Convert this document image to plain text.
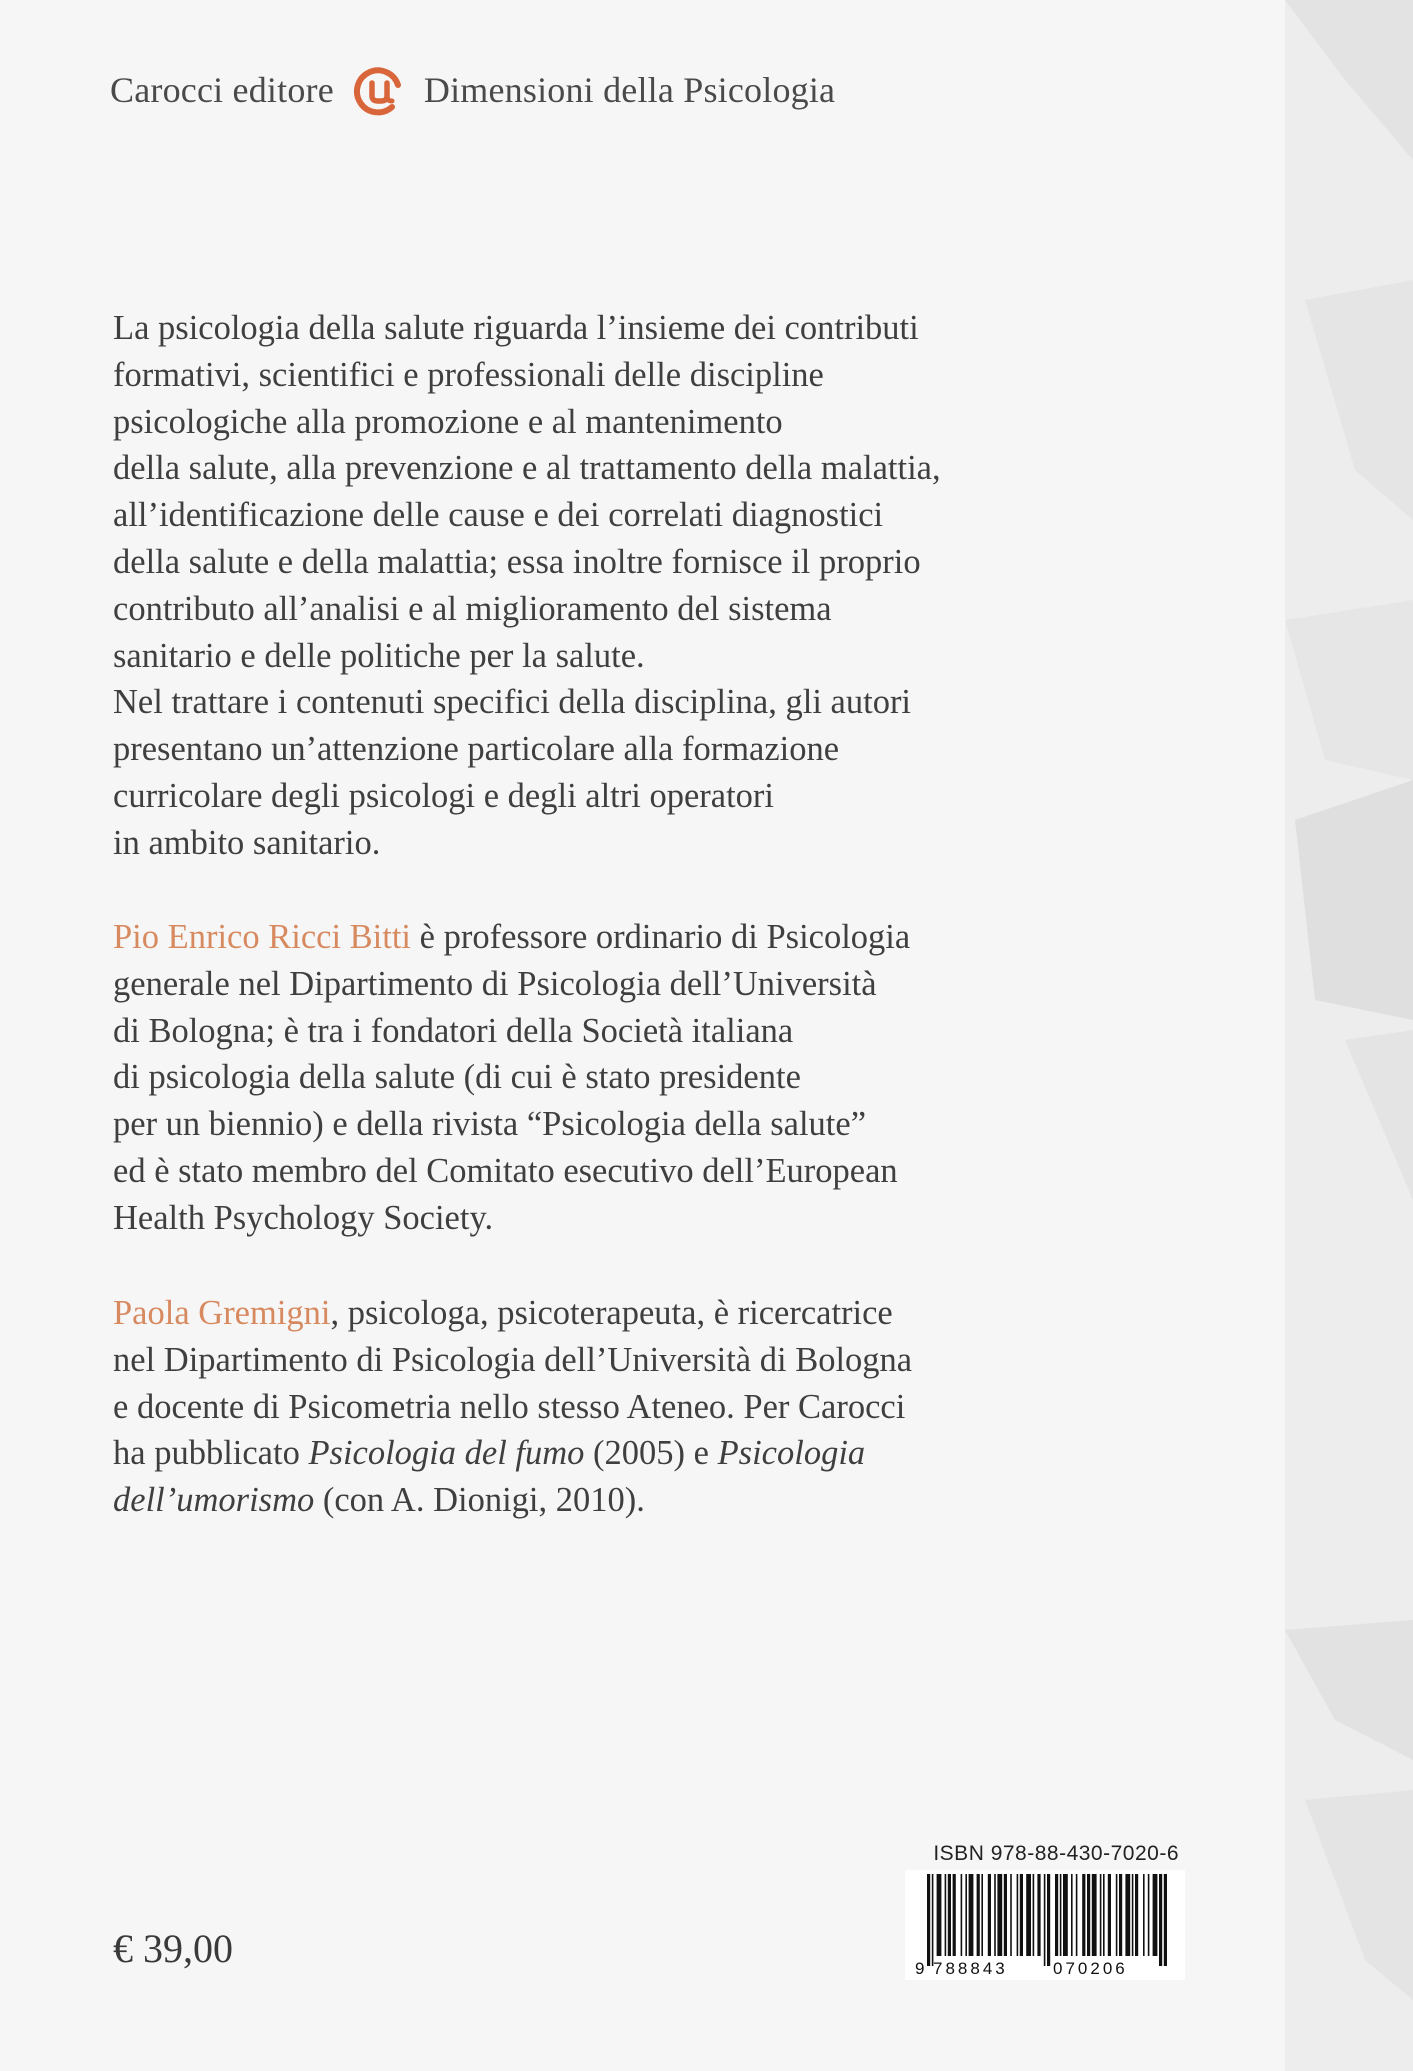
Carocci editore	Dimensioni della Psicologia
La psicologia della salute riguarda l’insieme dei contributi
formativi, scientifici e professionali delle discipline
psicologiche alla promozione e al mantenimento
della salute, alla prevenzione e al trattamento della malattia,
all’identificazione delle cause e dei correlati diagnostici
della salute e della malattia; essa inoltre fornisce il proprio
contributo all’analisi e al miglioramento del sistema
sanitario e delle politiche per la salute.
Nel trattare i contenuti specifici della disciplina, gli autori
presentano un’attenzione particolare alla formazione
curricolare degli psicologi e degli altri operatori
in ambito sanitario.
Pio Enrico Ricci Bitti è professore ordinario di Psicologia
generale nel Dipartimento di Psicologia dell’Università
di Bologna; è tra i fondatori della Società italiana
di psicologia della salute (di cui è stato presidente
per un biennio) e della rivista “Psicologia della salute”
ed è stato membro del Comitato esecutivo dell’European
Health Psychology Society.
Paola Gremigni, psicologa, psicoterapeuta, è ricercatrice
nel Dipartimento di Psicologia dell’Università di Bologna
e docente di Psicometria nello stesso Ateneo. Per Carocci
ha pubblicato Psicologia del fumo (2005) e Psicologia
dell’umorismo (con A. Dionigi, 2010).
€ 39,00
ISBN 978-88-430-7020-6
9 788843	070206
